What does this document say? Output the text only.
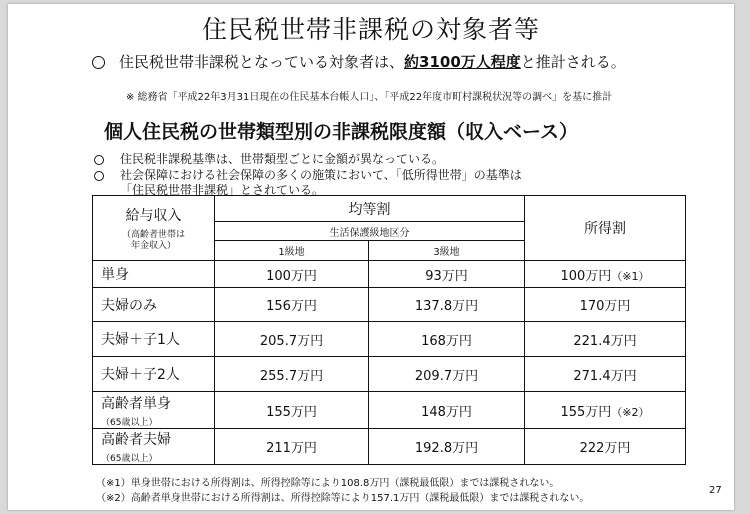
住民税世帯非課税の対象者等
住民税世帯非課税となっている対象者は、約3100万人程度と推計される。
※ 総務省「平成22年3月31日現在の住民基本台帳人口」、「平成22年度市町村課税状況等の調べ」を基に推計
個人住民税の世帯類型別の非課税限度額（収入ベース）
住民税非課税基準は、世帯類型ごとに金額が異なっている。
社会保障における社会保障の多くの施策において、「低所得世帯」の基準は
「住民税世帯非課税」とされている。
給与収入
（高齢者世帯は
年金収入）	均等割		所得割
	生活保護級地区分		
	1級地	3級地	
単身	100万円	93万円	100万円（※1）
夫婦のみ	156万円	137.8万円	170万円
夫婦＋子1人	205.7万円	168万円	221.4万円
夫婦＋子2人	255.7万円	209.7万円	271.4万円
高齢者単身
（65歳以上）	155万円	148万円	155万円（※2）
高齢者夫婦
（65歳以上）	211万円	192.8万円	222万円
（※1）単身世帯における所得割は、所得控除等により108.8万円（課税最低限）までは課税されない。
（※2）高齢者単身世帯における所得割は、所得控除等により157.1万円（課税最低限）までは課税されない。
27
